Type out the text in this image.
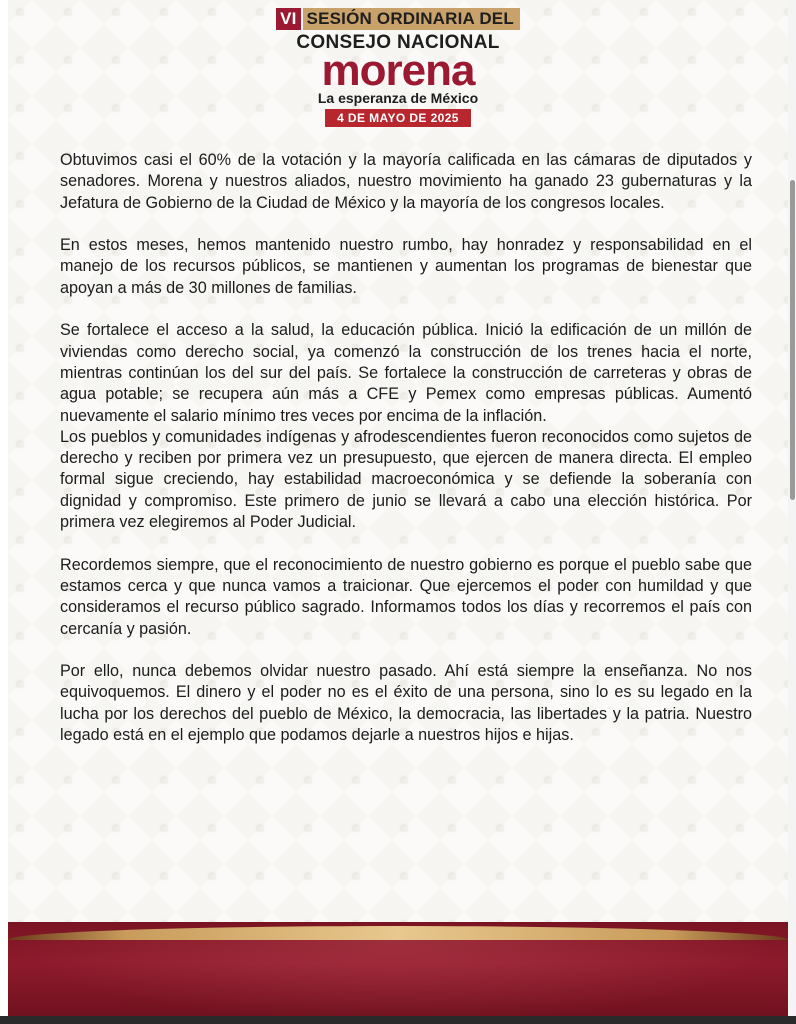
VI SESIÓN ORDINARIA DEL
CONSEJO NACIONAL
morena
La esperanza de México
4 DE MAYO DE 2025

Obtuvimos casi el 60% de la votación y la mayoría calificada en las cámaras de diputados y senadores. Morena y nuestros aliados, nuestro movimiento ha ganado 23 gubernaturas y la Jefatura de Gobierno de la Ciudad de México y la mayoría de los congresos locales.

En estos meses, hemos mantenido nuestro rumbo, hay honradez y responsabilidad en el manejo de los recursos públicos, se mantienen y aumentan los programas de bienestar que apoyan a más de 30 millones de familias.

Se fortalece el acceso a la salud, la educación pública. Inició la edificación de un millón de viviendas como derecho social, ya comenzó la construcción de los trenes hacia el norte, mientras continúan los del sur del país. Se fortalece la construcción de carreteras y obras de agua potable; se recupera aún más a CFE y Pemex como empresas públicas. Aumentó nuevamente el salario mínimo tres veces por encima de la inflación.

Los pueblos y comunidades indígenas y afrodescendientes fueron reconocidos como sujetos de derecho y reciben por primera vez un presupuesto, que ejercen de manera directa. El empleo formal sigue creciendo, hay estabilidad macroeconómica y se defiende la soberanía con dignidad y compromiso. Este primero de junio se llevará a cabo una elección histórica. Por primera vez elegiremos al Poder Judicial.

Recordemos siempre, que el reconocimiento de nuestro gobierno es porque el pueblo sabe que estamos cerca y que nunca vamos a traicionar. Que ejercemos el poder con humildad y que consideramos el recurso público sagrado. Informamos todos los días y recorremos el país con cercanía y pasión.

Por ello, nunca debemos olvidar nuestro pasado. Ahí está siempre la enseñanza. No nos equivoquemos. El dinero y el poder no es el éxito de una persona, sino lo es su legado en la lucha por los derechos del pueblo de México, la democracia, las libertades y la patria. Nuestro legado está en el ejemplo que podamos dejarle a nuestros hijos e hijas.
